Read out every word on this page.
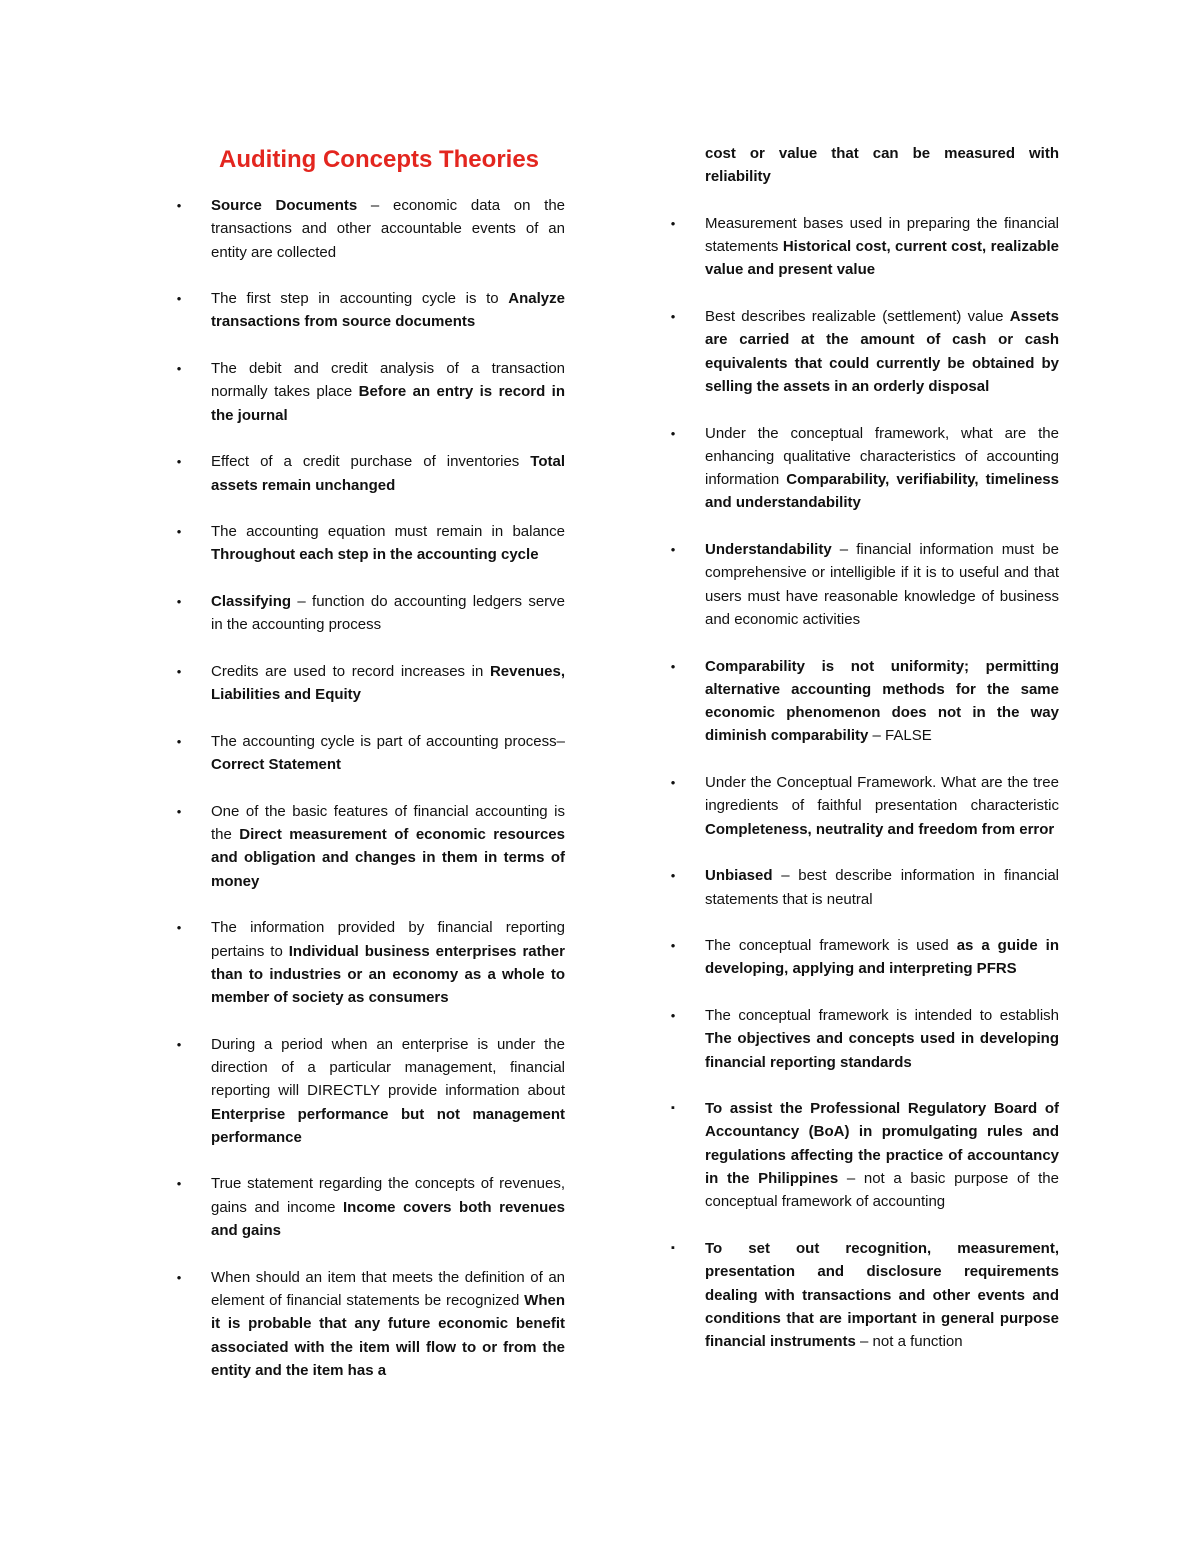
Auditing Concepts Theories
• Source Documents – economic data on the transactions and other accountable events of an entity are collected
• The first step in accounting cycle is to Analyze transactions from source documents
• The debit and credit analysis of a transaction normally takes place Before an entry is record in the journal
• Effect of a credit purchase of inventories Total assets remain unchanged
• The accounting equation must remain in balance Throughout each step in the accounting cycle
• Classifying – function do accounting ledgers serve in the accounting process
• Credits are used to record increases in Revenues, Liabilities and Equity
• The accounting cycle is part of accounting process– Correct Statement
• One of the basic features of financial accounting is the Direct measurement of economic resources and obligation and changes in them in terms of money
• The information provided by financial reporting pertains to Individual business enterprises rather than to industries or an economy as a whole to member of society as consumers
• During a period when an enterprise is under the direction of a particular management, financial reporting will DIRECTLY provide information about Enterprise performance but not management performance
• True statement regarding the concepts of revenues, gains and income Income covers both revenues and gains
• When should an item that meets the definition of an element of financial statements be recognized When it is probable that any future economic benefit associated with the item will flow to or from the entity and the item has a

cost or value that can be measured with reliability

• Measurement bases used in preparing the financial statements Historical cost, current cost, realizable value and present value
• Best describes realizable (settlement) value Assets are carried at the amount of cash or cash equivalents that could currently be obtained by selling the assets in an orderly disposal
• Under the conceptual framework, what are the enhancing qualitative characteristics of accounting information Comparability, verifiability, timeliness and understandability
• Understandability – financial information must be comprehensive or intelligible if it is to useful and that users must have reasonable knowledge of business and economic activities
• Comparability is not uniformity; permitting alternative accounting methods for the same economic phenomenon does not in the way diminish comparability – FALSE
• Under the Conceptual Framework. What are the tree ingredients of faithful presentation characteristic Completeness, neutrality and freedom from error
• Unbiased – best describe information in financial statements that is neutral
• The conceptual framework is used as a guide in developing, applying and interpreting PFRS
• The conceptual framework is intended to establish The objectives and concepts used in developing financial reporting standards
▪ To assist the Professional Regulatory Board of Accountancy (BoA) in promulgating rules and regulations affecting the practice of accountancy in the Philippines – not a basic purpose of the conceptual framework of accounting
▪ To set out recognition, measurement, presentation and disclosure requirements dealing with transactions and other events and conditions that are important in general purpose financial instruments – not a function
